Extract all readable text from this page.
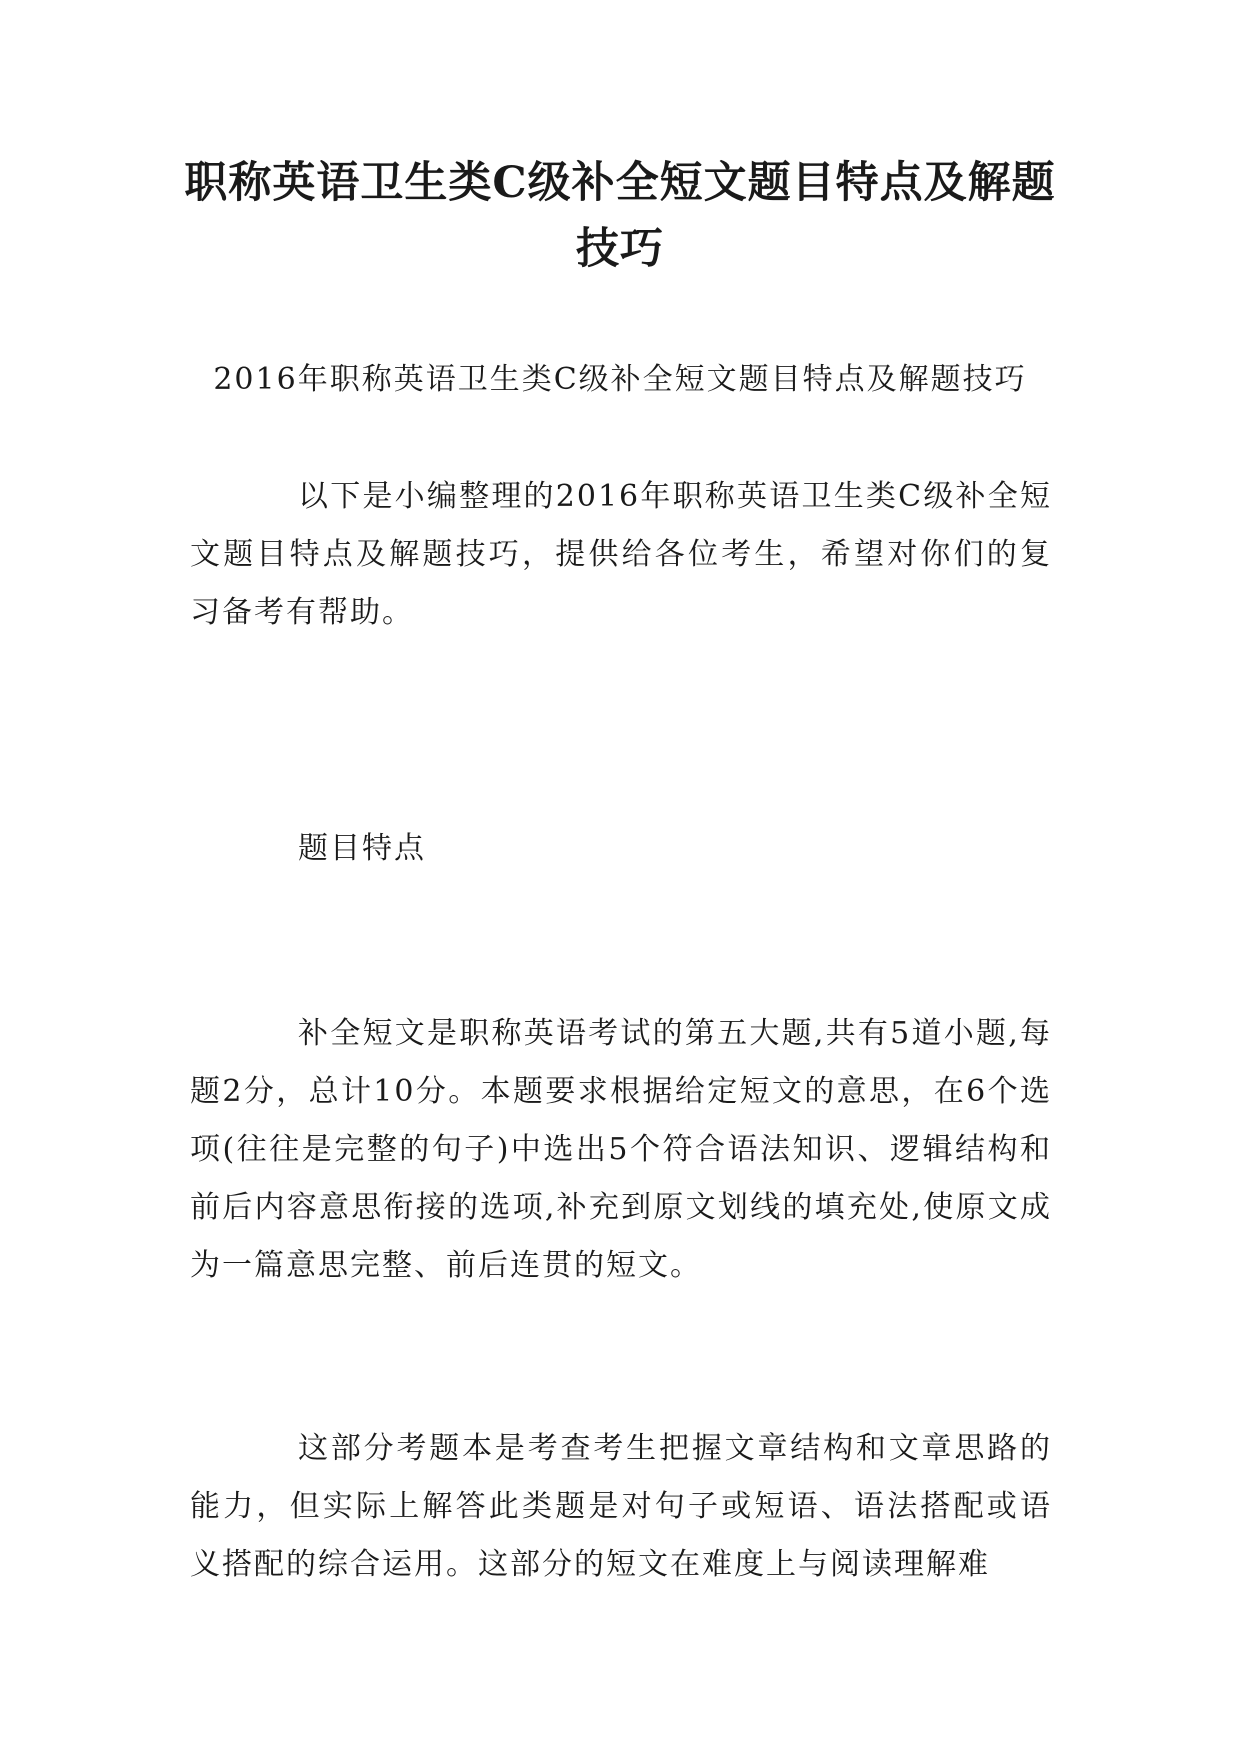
职称英语卫生类C级补全短文题目特点及解题技巧

2016年职称英语卫生类C级补全短文题目特点及解题技巧

以下是小编整理的2016年职称英语卫生类C级补全短文题目特点及解题技巧，提供给各位考生，希望对你们的复习备考有帮助。

题目特点

补全短文是职称英语考试的第五大题,共有5道小题,每题2分，总计10分。本题要求根据给定短文的意思，在6个选项(往往是完整的句子)中选出5个符合语法知识、逻辑结构和前后内容意思衔接的选项,补充到原文划线的填充处,使原文成为一篇意思完整、前后连贯的短文。

这部分考题本是考查考生把握文章结构和文章思路的能力，但实际上解答此类题是对句子或短语、语法搭配或语义搭配的综合运用。这部分的短文在难度上与阅读理解难
